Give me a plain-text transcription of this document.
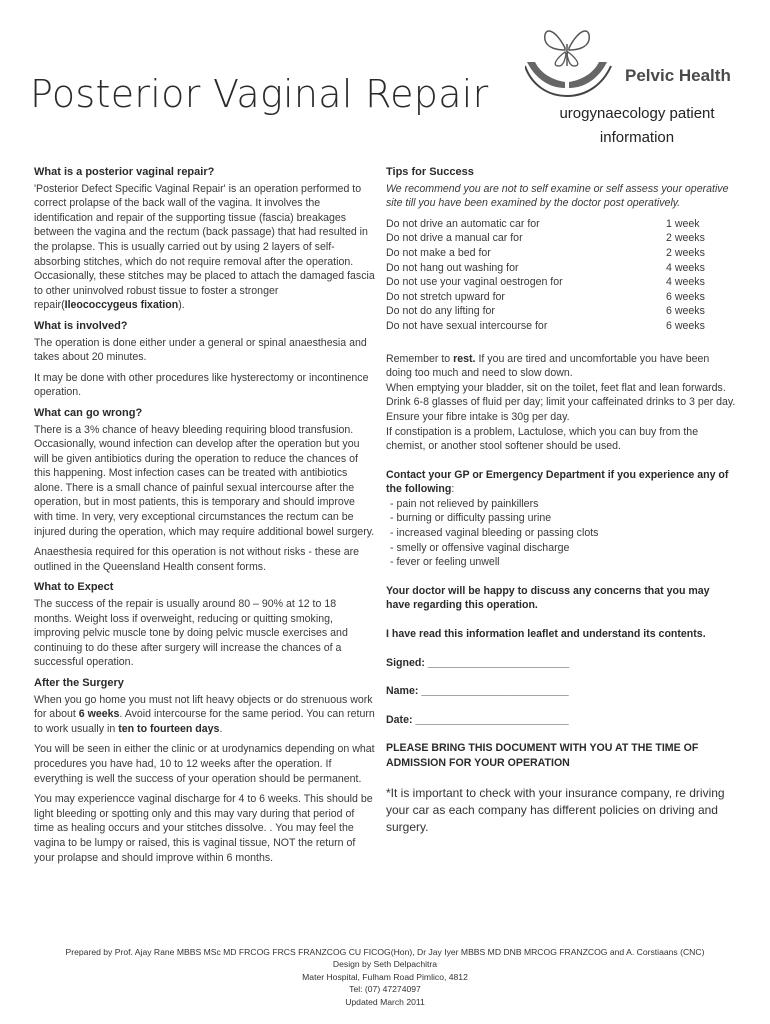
Posterior Vaginal Repair	Pelvic Health
urogynaecology patient
information
What is a posterior vaginal repair?

'Posterior Defect Specific Vaginal Repair' is an operation performed to correct prolapse of the back wall of the vagina. It involves the identification and repair of the supporting tissue (fascia) breakages between the vagina and the rectum (back passage) that had resulted in the prolapse. This is usually carried out by using 2 layers of self-absorbing stitches, which do not require removal after the operation. Occasionally, these stitches may be placed to attach the damaged fascia to other uninvolved robust tissue to foster a stronger repair(Ileococcygeus fixation).

What is involved?

The operation is done either under a general or spinal anaesthesia and takes about 20 minutes.

It may be done with other procedures like hysterectomy or incontinence operation.

What can go wrong?

There is a 3% chance of heavy bleeding requiring blood transfusion. Occasionally, wound infection can develop after the operation but you will be given antibiotics during the operation to reduce the chances of this happening. Most infection cases can be treated with antibiotics alone. There is a small chance of painful sexual intercourse after the operation, but in most patients, this is temporary and should improve with time. In very, very exceptional circumstances the rectum can be injured during the operation, which may require additional bowel surgery.

Anaesthesia required for this operation is not without risks - these are outlined in the Queensland Health consent forms.

What to Expect

The success of the repair is usually around 80 – 90% at 12 to 18 months. Weight loss if overweight, reducing or quitting smoking, improving pelvic muscle tone by doing pelvic muscle exercises and continuing to do these after surgery will increase the chances of a successful operation.

After the Surgery

When you go home you must not lift heavy objects or do strenuous work for about 6 weeks. Avoid intercourse for the same period. You can return to work usually in ten to fourteen days.

You will be seen in either the clinic or at urodynamics depending on what procedures you have had, 10 to 12 weeks after the operation. If everything is well the success of your operation should be permanent.

You may experiencce vaginal discharge for 4 to 6 weeks. This should be light bleeding or spotting only and this may vary during that period of time as healing occurs and your stitches dissolve. . You may feel the vagina to be lumpy or raised, this is vaginal tissue, NOT the return of your prolapse and should improve within 6 months.

Tips for Success

We recommend you are not to self examine or self assess your operative site till you have been examined by the doctor post operatively.

Do not drive an automatic car for	1 week
Do not drive a manual car for	2 weeks
Do not make a bed for	2 weeks
Do not hang out washing for	4 weeks
Do not use your vaginal oestrogen for	4 weeks
Do not stretch upward for	6 weeks
Do not do any lifting for	6 weeks
Do not have sexual intercourse for	6 weeks

Remember to rest. If you are tired and uncomfortable you have been doing too much and need to slow down.

When emptying your bladder, sit on the toilet, feet flat and lean forwards.

Drink 6-8 glasses of fluid per day; limit your caffeinated drinks to 3 per day. Ensure your fibre intake is 30g per day.

If constipation is a problem, Lactulose, which you can buy from the chemist, or another stool softener should be used.

Contact your GP or Emergency Department if you experience any of the following:

- pain not relieved by painkillers
- burning or difficulty passing urine
- increased vaginal bleeding or passing clots
- smelly or offensive vaginal discharge
- fever or feeling unwell

Your doctor will be happy to discuss any concerns that you may have regarding this operation.

I have read this information leaflet and understand its contents.

Signed: ________________________

Name: _________________________

Date: __________________________

PLEASE BRING THIS DOCUMENT WITH YOU AT THE TIME OF ADMISSION FOR YOUR OPERATION

*It is important to check with your insurance company, re driving your car as each company has different policies on driving and surgery.

Prepared by Prof. Ajay Rane MBBS MSc MD FRCOG FRCS FRANZCOG CU FICOG(Hon), Dr Jay Iyer MBBS MD DNB MRCOG FRANZCOG and A. Corstiaans (CNC)
Design by Seth Delpachitra
Mater Hospital, Fulham Road Pimlico, 4812
Tel: (07) 47274097
Updated March 2011
